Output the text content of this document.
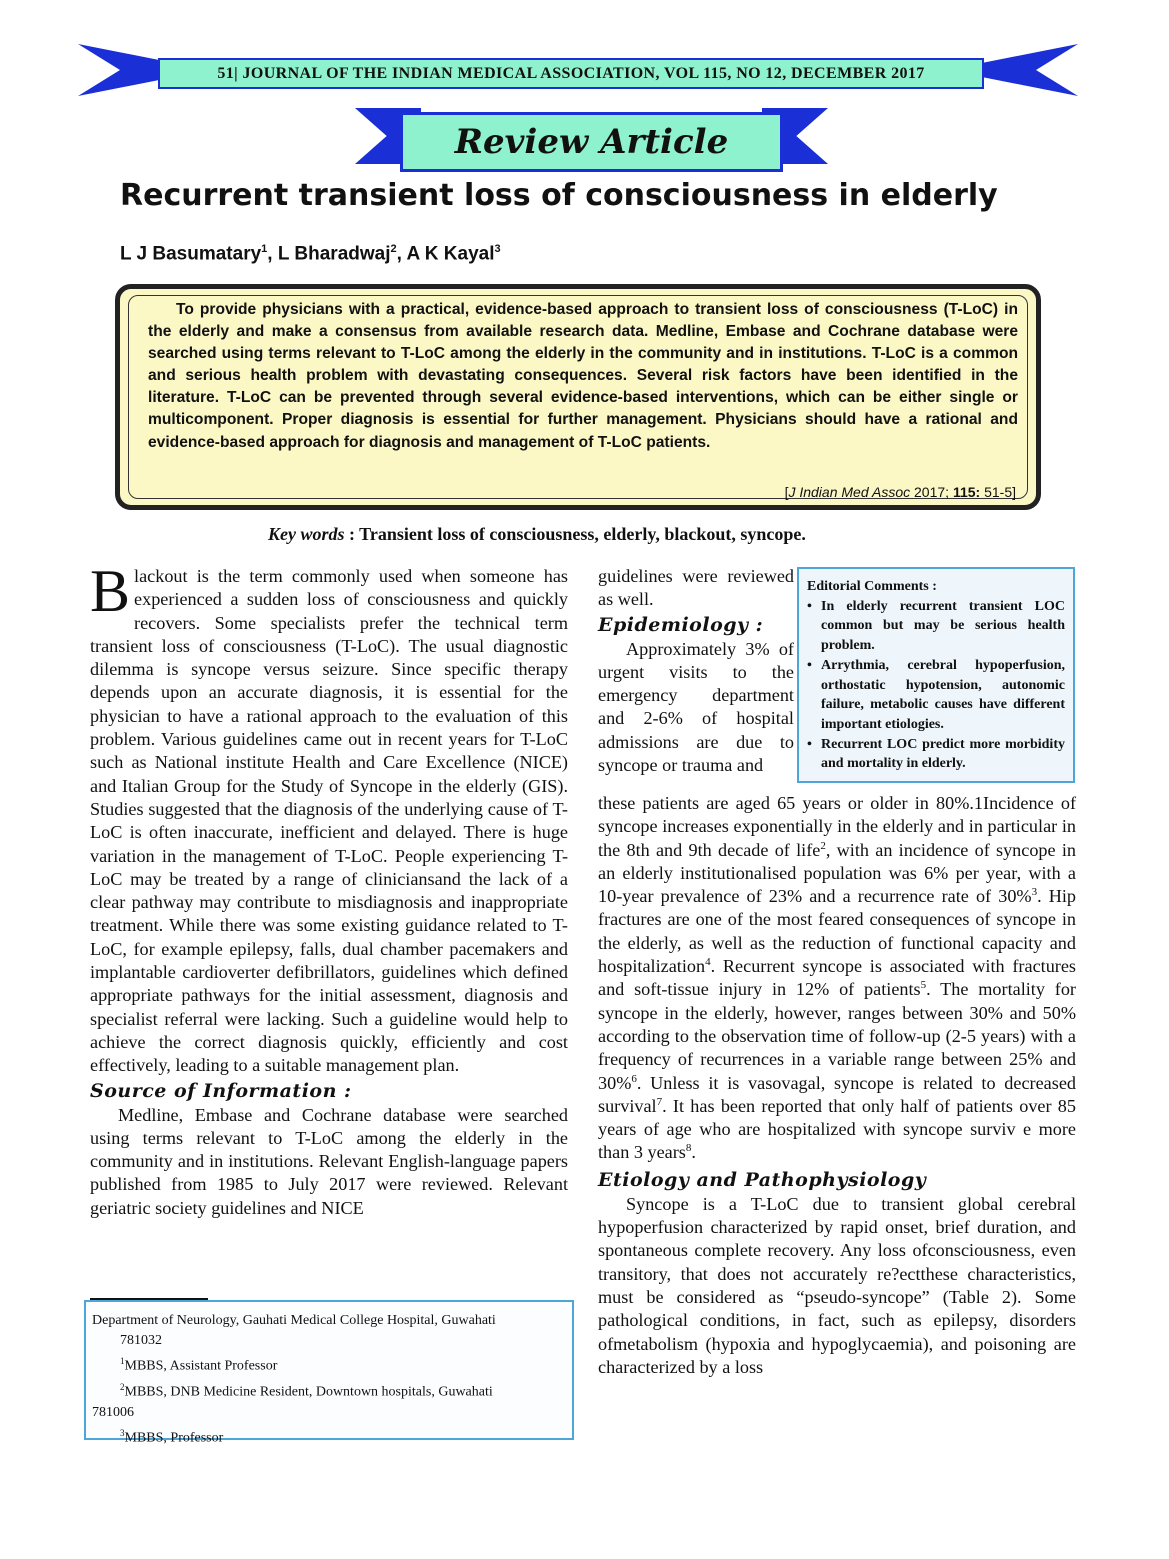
51| JOURNAL OF THE INDIAN MEDICAL ASSOCIATION, VOL 115, NO 12, DECEMBER 2017
Review Article
Recurrent transient loss of consciousness in elderly
L J Basumatary$^1$, L Bharadwaj$^2$, A K Kayal$^3$
To provide physicians with a practical, evidence-based approach to transient loss of consciousness (T-LoC) in the elderly and make a consensus from available research data. Medline, Embase and Cochrane database were searched using terms relevant to T-LoC among the elderly in the community and in institutions. T-LoC is a common and serious health problem with devastating consequences. Several risk factors have been identified in the literature. T-LoC can be prevented through several evidence-based interventions, which can be either single or multicomponent. Proper diagnosis is essential for further management. Physicians should have a rational and evidence-based approach for diagnosis and management of T-LoC patients.
[J Indian Med Assoc 2017; 115: 51-5]
Key words : Transient loss of consciousness, elderly, blackout, syncope.

Blackout is the term commonly used when someone has experienced a sudden loss of consciousness and quickly recovers. Some specialists prefer the technical term transient loss of consciousness (T-LoC). The usual diagnostic dilemma is syncope versus seizure. Since specific therapy depends upon an accurate diagnosis, it is essential for the physician to have a rational approach to the evaluation of this problem. Various guidelines came out in recent years for T-LoC such as National institute Health and Care Excellence (NICE) and Italian Group for the Study of Syncope in the elderly (GIS). Studies suggested that the diagnosis of the underlying cause of T-LoC is often inaccurate, inefficient and delayed. There is huge variation in the management of T-LoC. People experiencing T-LoC may be treated by a range of cliniciansand the lack of a clear pathway may contribute to misdiagnosis and inappropriate treatment. While there was some existing guidance related to T-LoC, for example epilepsy, falls, dual chamber pacemakers and implantable cardioverter defibrillators, guidelines which defined appropriate pathways for the initial assessment, diagnosis and specialist referral were lacking. Such a guideline would help to achieve the correct diagnosis quickly, efficiently and cost effectively, leading to a suitable management plan.

Source of Information :

Medline, Embase and Cochrane database were searched using terms relevant to T-LoC among the elderly in the community and in institutions. Relevant English-language papers published from 1985 to July 2017 were reviewed. Relevant geriatric society guidelines and NICE

guidelines were reviewed as well.

Epidemiology :

Approximately 3% of urgent visits to the emergency department and 2-6% of hospital admissions are due to syncope or trauma and

Editorial Comments :
• In elderly recurrent transient LOC common but may be serious health problem.
• Arrythmia, cerebral hypoperfusion, orthostatic hypotension, autonomic failure, metabolic causes have different important etiologies.
• Recurrent LOC predict more morbidity and mortality in elderly.

these patients are aged 65 years or older in 80%.1Incidence of syncope increases exponentially in the elderly and in particular in the 8th and 9th decade of life$^2$, with an incidence of syncope in an elderly institutionalised population was 6% per year, with a 10-year prevalence of 23% and a recurrence rate of 30%$^3$. Hip fractures are one of the most feared consequences of syncope in the elderly, as well as the reduction of functional capacity and hospitalization$^4$. Recurrent syncope is associated with fractures and soft-tissue injury in 12% of patients$^5$. The mortality for syncope in the elderly, however, ranges between 30% and 50% according to the observation time of follow-up (2-5 years) with a frequency of recurrences in a variable range between 25% and 30%$^6$. Unless it is vasovagal, syncope is related to decreased survival$^7$. It has been reported that only half of patients over 85 years of age who are hospitalized with syncope surviv e more than 3 years$^8$.

Etiology and Pathophysiology

Syncope is a T-LoC due to transient global cerebral hypoperfusion characterized by rapid onset, brief duration, and spontaneous complete recovery. Any loss ofconsciousness, even transitory, that does not accurately re?ectthese characteristics, must be considered as “pseudo-syncope” (Table 2). Some pathological conditions, in fact, such as epilepsy, disorders ofmetabolism (hypoxia and hypoglycaemia), and poisoning are characterized by a loss

Department of Neurology, Gauhati Medical College Hospital, Guwahati
781032
$^1$MBBS, Assistant Professor
$^2$MBBS, DNB Medicine Resident, Downtown hospitals, Guwahati
781006
$^3$MBBS, Professor
